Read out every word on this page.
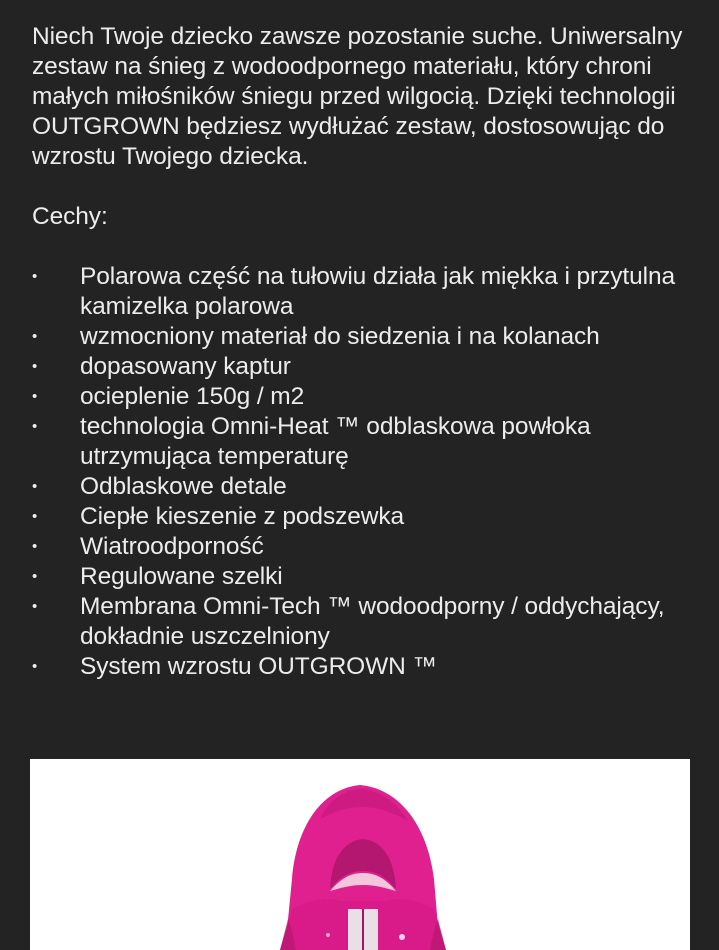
Niech Twoje dziecko zawsze pozostanie suche. Uniwersalny zestaw na śnieg z wodoodpornego materiału, który chroni małych miłośników śniegu przed wilgocią. Dzięki technologii OUTGROWN będziesz wydłużać zestaw, dostosowując do wzrostu Twojego dziecka.

Cechy:

• Polarowa część na tułowiu działa jak miękka i przytulna kamizelka polarowa
• wzmocniony materiał do siedzenia i na kolanach
• dopasowany kaptur
• ocieplenie 150g / m2
• technologia Omni-Heat ™ odblaskowa powłoka utrzymująca temperaturę
• Odblaskowe detale
• Ciepłe kieszenie z podszewka
• Wiatroodporność
• Regulowane szelki
• Membrana Omni-Tech ™ wodoodporny / oddychający, dokładnie uszczelniony
• System wzrostu OUTGROWN ™
